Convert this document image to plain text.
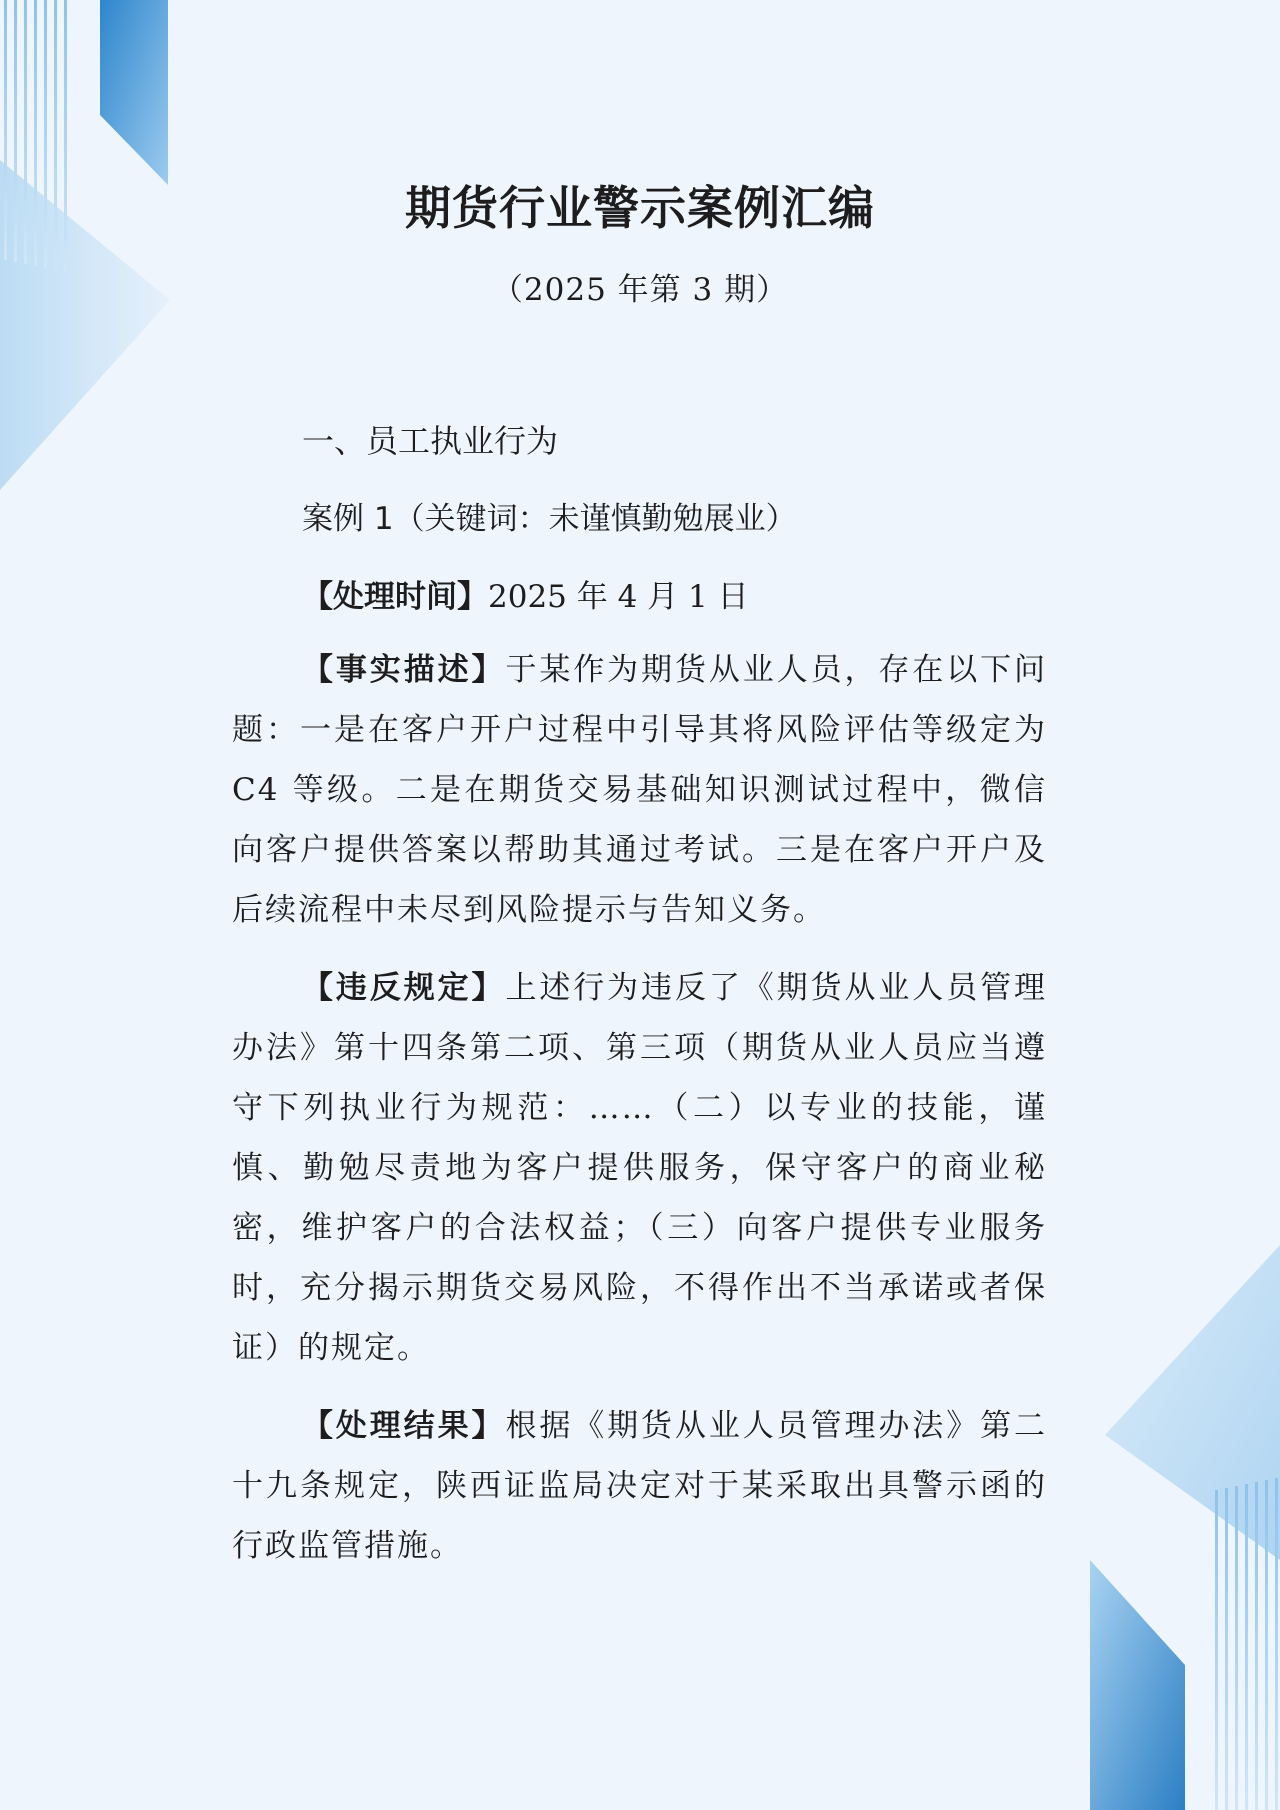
期货行业警示案例汇编
（2025 年第 3 期）
一、员工执业行为
案例 1（关键词：未谨慎勤勉展业）
【处理时间】2025 年 4 月 1 日

【事实描述】于某作为期货从业人员，存在以下问题：一是在客户开户过程中引导其将风险评估等级定为 C4 等级。二是在期货交易基础知识测试过程中，微信向客户提供答案以帮助其通过考试。三是在客户开户及后续流程中未尽到风险提示与告知义务。

【违反规定】上述行为违反了《期货从业人员管理办法》第十四条第二项、第三项（期货从业人员应当遵守下列执业行为规范：……（二）以专业的技能，谨慎、勤勉尽责地为客户提供服务，保守客户的商业秘密，维护客户的合法权益；（三）向客户提供专业服务时，充分揭示期货交易风险，不得作出不当承诺或者保证）的规定。

【处理结果】根据《期货从业人员管理办法》第二十九条规定，陕西证监局决定对于某采取出具警示函的行政监管措施。
